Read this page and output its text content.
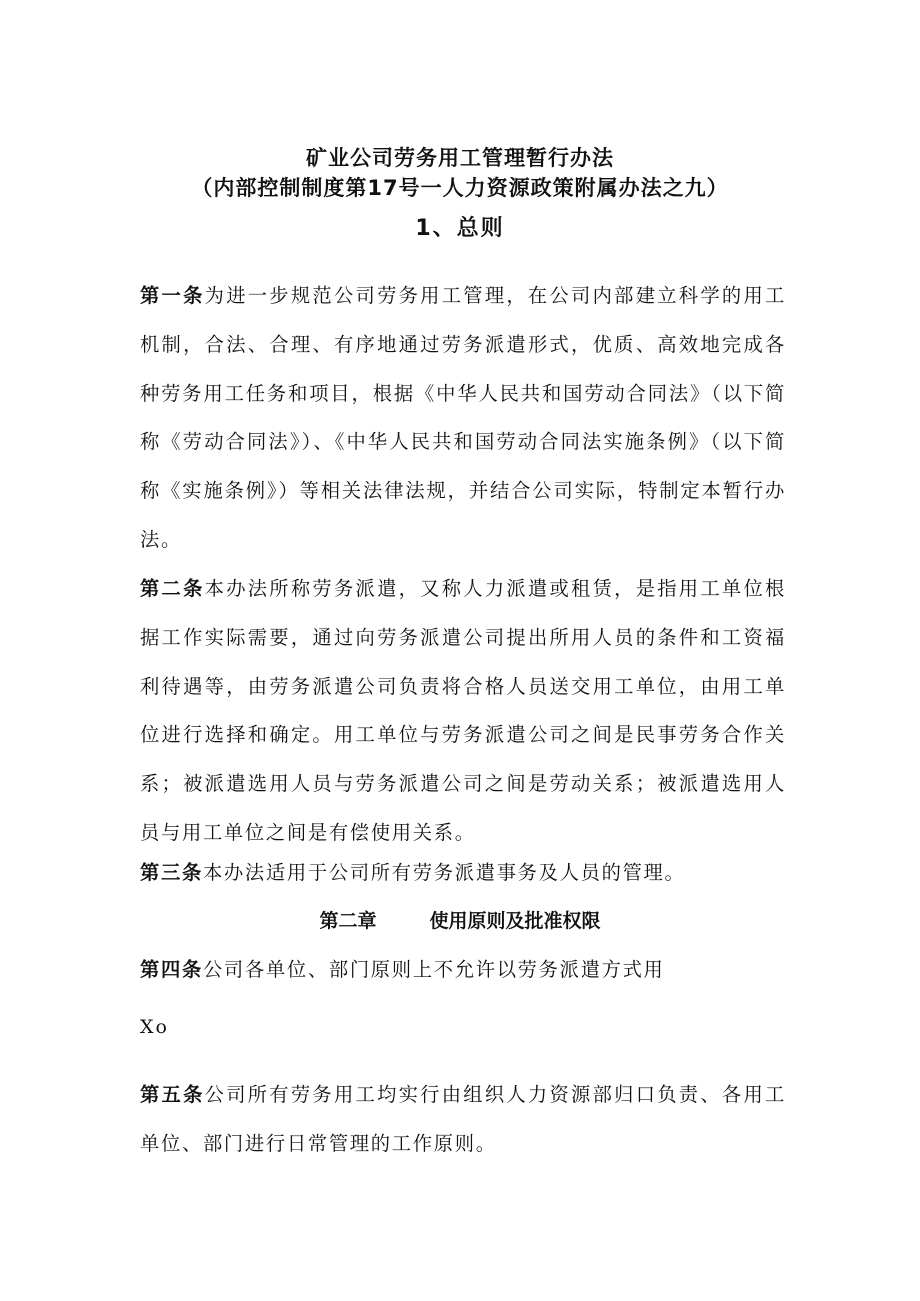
矿业公司劳务用工管理暂行办法
（内部控制制度第17号一人力资源政策附属办法之九）
1、总则

第一条为进一步规范公司劳务用工管理，在公司内部建立科学的用工机制，合法、合理、有序地通过劳务派遣形式，优质、高效地完成各种劳务用工任务和项目，根据《中华人民共和国劳动合同法》（以下简称《劳动合同法》）、《中华人民共和国劳动合同法实施条例》（以下简称《实施条例》）等相关法律法规，并结合公司实际，特制定本暂行办法。

第二条本办法所称劳务派遣，又称人力派遣或租赁，是指用工单位根据工作实际需要，通过向劳务派遣公司提出所用人员的条件和工资福利待遇等，由劳务派遣公司负责将合格人员送交用工单位，由用工单位进行选择和确定。用工单位与劳务派遣公司之间是民事劳务合作关系；被派遣选用人员与劳务派遣公司之间是劳动关系；被派遣选用人员与用工单位之间是有偿使用关系。

第三条本办法适用于公司所有劳务派遣事务及人员的管理。

第二章        使用原则及批准权限

第四条公司各单位、部门原则上不允许以劳务派遣方式用

Xo

第五条公司所有劳务用工均实行由组织人力资源部归口负责、各用工单位、部门进行日常管理的工作原则。
